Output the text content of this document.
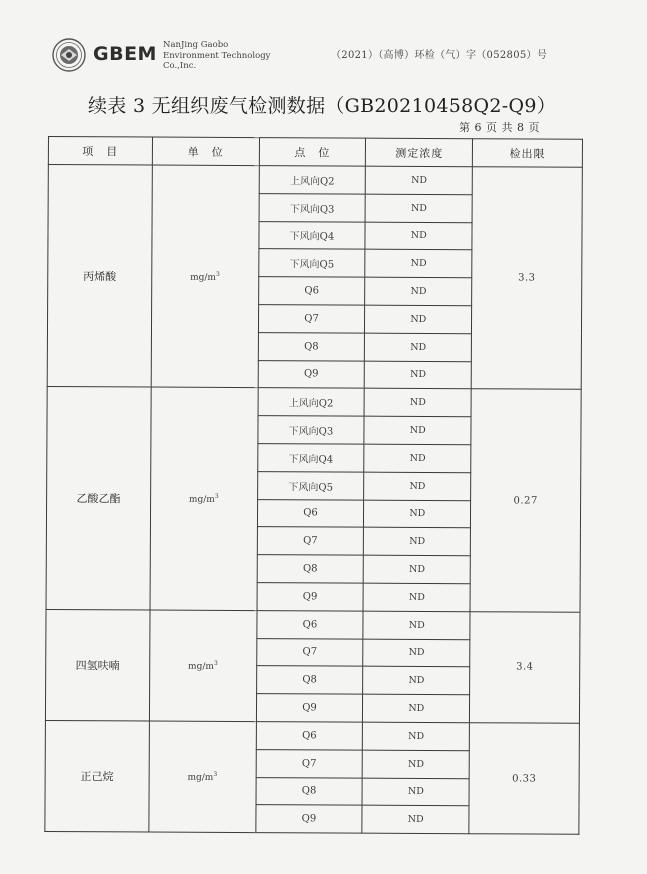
GBEM NanJing Gaobo
Environment Technology
Co.,Inc.
（2021）（高博）环检（气）字（052805）号
续表 3 无组织废气检测数据（GB20210458Q2-Q9）
第 6 页 共 8 页
项　目	单　位	点　位	测定浓度	检出限
丙烯酸	$mg/m^3$	上风向Q2	ND	3.3
		下风向Q3	ND	
		下风向Q4	ND	
		下风向Q5	ND	
		Q6	ND	
		Q7	ND	
		Q8	ND	
		Q9	ND	
乙酸乙酯	$mg/m^3$	上风向Q2	ND	0.27
		下风向Q3	ND	
		下风向Q4	ND	
		下风向Q5	ND	
		Q6	ND	
		Q7	ND	
		Q8	ND	
		Q9	ND	
四氢呋喃	$mg/m^3$	Q6	ND	3.4
		Q7	ND	
		Q8	ND	
		Q9	ND	
正己烷	$mg/m^3$	Q6	ND	0.33
		Q7	ND	
		Q8	ND	
		Q9	ND	
